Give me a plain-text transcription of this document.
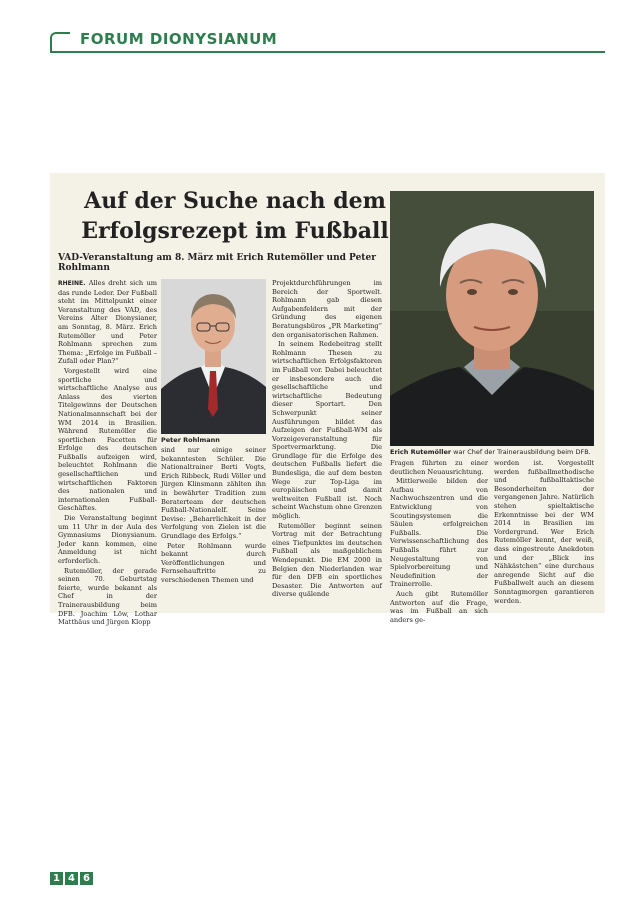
FORUM DIONYSIANUM
Auf der Suche nach dem
Erfolgsrezept im Fußball
VAD-Veranstaltung am 8. März mit Erich Rutemöller und Peter Rohlmann
Peter Rohlmann
Erich Rutemöller war Chef der Trainerausbildung beim DFB.

RHEINE. Alles dreht sich um das runde Leder. Der Fußball steht im Mittelpunkt einer Veranstaltung des VAD, des Vereins Alter Dionysianer, am Sonntag, 8. März. Erich Rutemöller und Peter Rohlmann sprechen zum Thema: „Erfolge im Fußball – Zufall oder Plan?“

Vorgestellt wird eine sportliche und wirtschaftliche Analyse aus Anlass des vierten Titelgewinns der Deutschen Nationalmannschaft bei der WM 2014 in Brasilien. Während Rutemöller die sportlichen Facetten für Erfolge des deutschen Fußballs aufzeigen wird, beleuchtet Rohlmann die gesellschaftlichen und wirtschaftlichen Faktoren des nationalen und internationalen Fußball-Geschäftes.

Die Veranstaltung beginnt um 11 Uhr in der Aula des Gymnasiums Dionysianum. Jeder kann kommen, eine Anmeldung ist nicht erforderlich.

Rutemöller, der gerade seinen 70. Geburtstag feierte, wurde bekannt als Chef in der Trainerausbildung beim DFB. Joachim Löw, Lothar Matthäus und Jürgen Klopp

sind nur einige seiner bekanntesten Schüler. Die Nationaltrainer Berti Vogts, Erich Ribbeck, Rudi Völler und Jürgen Klinsmann zählten ihn in bewährter Tradition zum Beraterteam der deutschen Fußball-Nationalelf. Seine Devise: „Beharrlichkeit in der Verfolgung von Zielen ist die Grundlage des Erfolgs.“

Peter Rohlmann wurde bekannt durch Veröffentlichungen und Fernsehauftritte zu verschiedenen Themen und

Projektdurchführungen im Bereich der Sportwelt. Rohlmann gab diesen Aufgabenfeldern mit der Gründung des eigenen Beratungsbüros „PR Marketing“ den organisatorischen Rahmen.

In seinem Redebeitrag stellt Rohlmann Thesen zu wirtschaftlichen Erfolgsfaktoren im Fußball vor. Dabei beleuchtet er insbesondere auch die gesellschaftliche und wirtschaftliche Bedeutung dieser Sportart. Den Schwerpunkt seiner Ausführungen bildet das Aufzeigen der Fußball-WM als Vorzeigeveranstaltung für Sportvermarktung. Die Grundlage für die Erfolge des deutschen Fußballs liefert die Bundesliga, die auf dem besten Wege zur Top-Liga im europäischen und damit weltweiten Fußball ist. Noch scheint Wachstum ohne Grenzen möglich.

Rutemöller beginnt seinen Vortrag mit der Betrachtung eines Tiefpunktes im deutschen Fußball als maßgeblichem Wendepunkt. Die EM 2000 in Belgien den Niederlanden war für den DFB ein sportliches Desaster. Die Antworten auf diverse quälende

Fragen führten zu einer deutlichen Neuausrichtung.

Mittlerweile bilden der Aufbau von Nachwuchszentren und die Entwicklung von Scoutingsystemen die Säulen erfolgreichen Fußballs. Die Verwissenschaftlichung des Fußballs führt zur Neugestaltung von Spielvorbereitung und Neudefinition der Trainerrolle.

Auch gibt Rutemöller Antworten auf die Frage, was im Fußball an sich anders ge-

worden ist. Vorgestellt werden fußballmethodische und fußballtaktische Besonderheiten der vergangenen Jahre. Natürlich stehen spieltaktische Erkenntnisse bei der WM 2014 in Brasilien im Vordergrund. Wer Erich Rutemöller kennt, der weiß, dass eingestreute Anekdoten und der „Blick ins Nähkästchen“ eine durchaus anregende Sicht auf die Fußballwelt auch an diesem Sonntagmorgen garantieren werden.

1 4 6
